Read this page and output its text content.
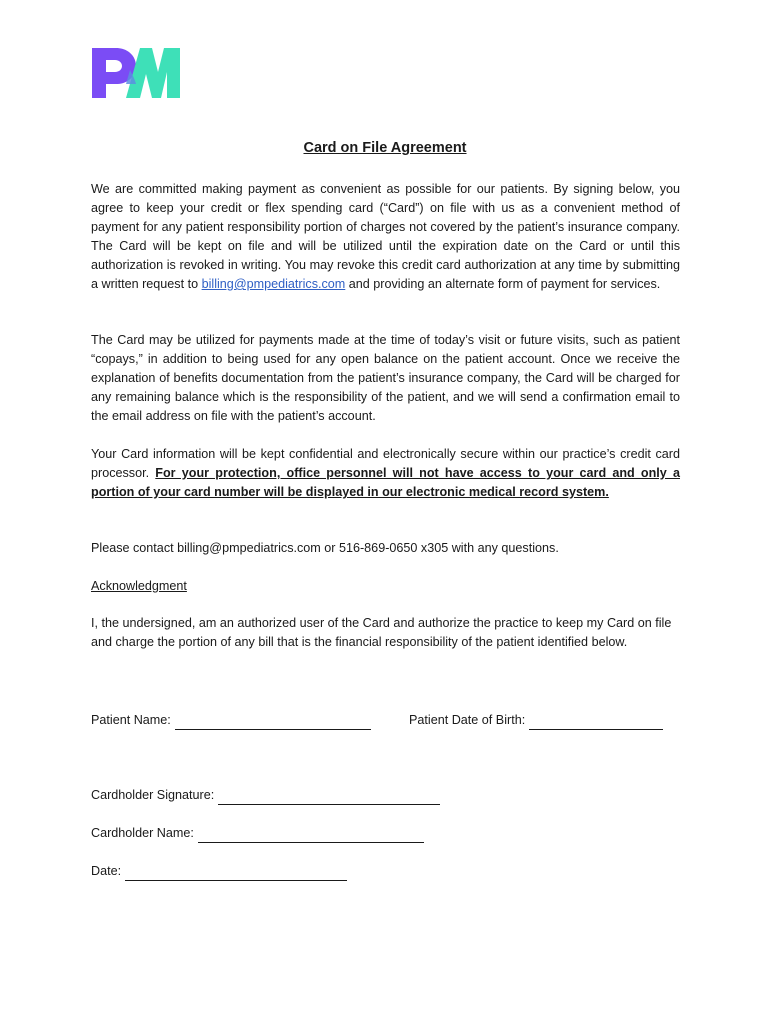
Card on File Agreement

We are committed making payment as convenient as possible for our patients. By signing below, you agree to keep your credit or flex spending card (“Card”) on file with us as a convenient method of payment for any patient responsibility portion of charges not covered by the patient’s insurance company. The Card will be kept on file and will be utilized until the expiration date on the Card or until this authorization is revoked in writing. You may revoke this credit card authorization at any time by submitting a written request to billing@pmpediatrics.com and providing an alternate form of payment for services.

The Card may be utilized for payments made at the time of today’s visit or future visits, such as patient “copays,” in addition to being used for any open balance on the patient account. Once we receive the explanation of benefits documentation from the patient’s insurance company, the Card will be charged for any remaining balance which is the responsibility of the patient, and we will send a confirmation email to the email address on file with the patient’s account.

Your Card information will be kept confidential and electronically secure within our practice’s credit card processor. For your protection, office personnel will not have access to your card and only a portion of your card number will be displayed in our electronic medical record system.

Please contact billing@pmpediatrics.com or 516-869-0650 x305 with any questions.

Acknowledgment

I, the undersigned, am an authorized user of the Card and authorize the practice to keep my Card on file and charge the portion of any bill that is the financial responsibility of the patient identified below.

Patient Name:	Patient Date of Birth:
Cardholder Signature:
Cardholder Name:
Date:
